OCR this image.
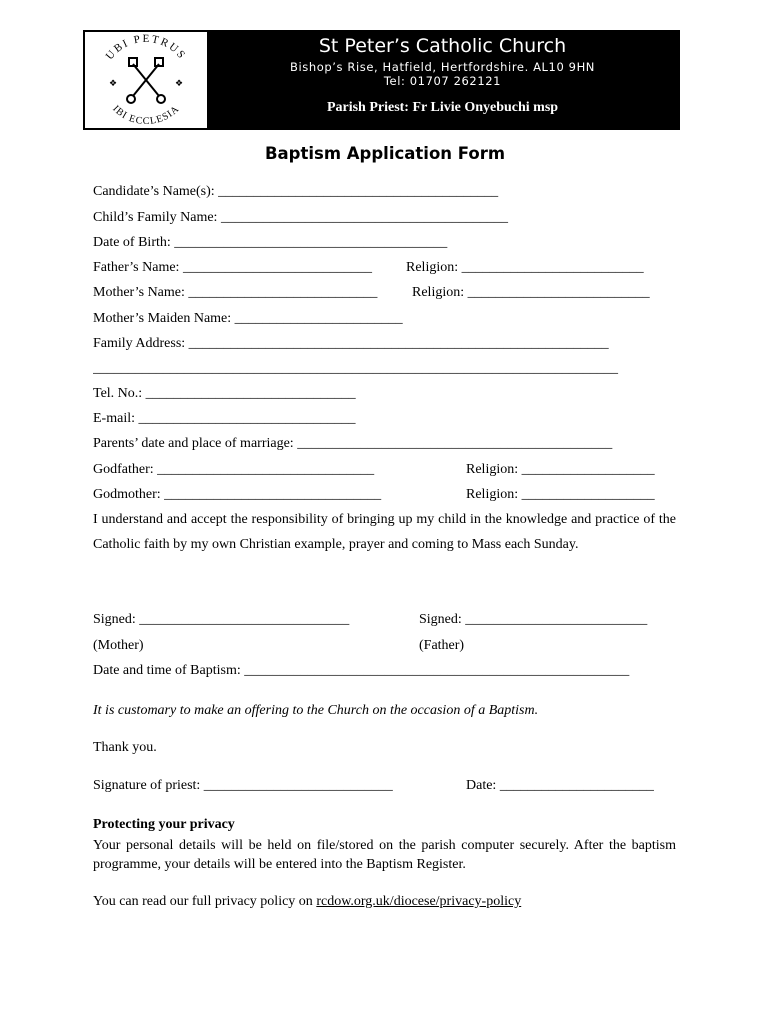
UBI PETRUS
IBI ECCLESIA
❖	❖
St Peter’s Catholic Church
Bishop’s Rise, Hatfield, Hertfordshire. AL10 9HN
Tel: 01707 262121
Parish Priest: Fr Livie Onyebuchi msp
Baptism Application Form
Candidate’s Name(s): ________________________________________
Child’s Family Name: _________________________________________
Date of Birth: _______________________________________
Father’s Name: ___________________________ Religion: __________________________
Mother’s Name: ___________________________ Religion: __________________________
Mother’s Maiden Name: ________________________
Family Address: ____________________________________________________________
___________________________________________________________________________
Tel. No.: ______________________________
E-mail: _______________________________
Parents’ date and place of marriage: _____________________________________________
Godfather: _______________________________	Religion: ___________________
Godmother: _______________________________	Religion: ___________________
I understand and accept the responsibility of bringing up my child in the knowledge and practice of the Catholic faith by my own Christian example, prayer and coming to Mass each Sunday.
Signed: ______________________________	Signed: __________________________
(Mother)	(Father)
Date and time of Baptism: _______________________________________________________
It is customary to make an offering to the Church on the occasion of a Baptism.
Thank you.
Signature of priest: ___________________________	Date: ______________________
Protecting your privacy
Your personal details will be held on file/stored on the parish computer securely. After the baptism programme, your details will be entered into the Baptism Register.
You can read our full privacy policy on rcdow.org.uk/diocese/privacy-policy
